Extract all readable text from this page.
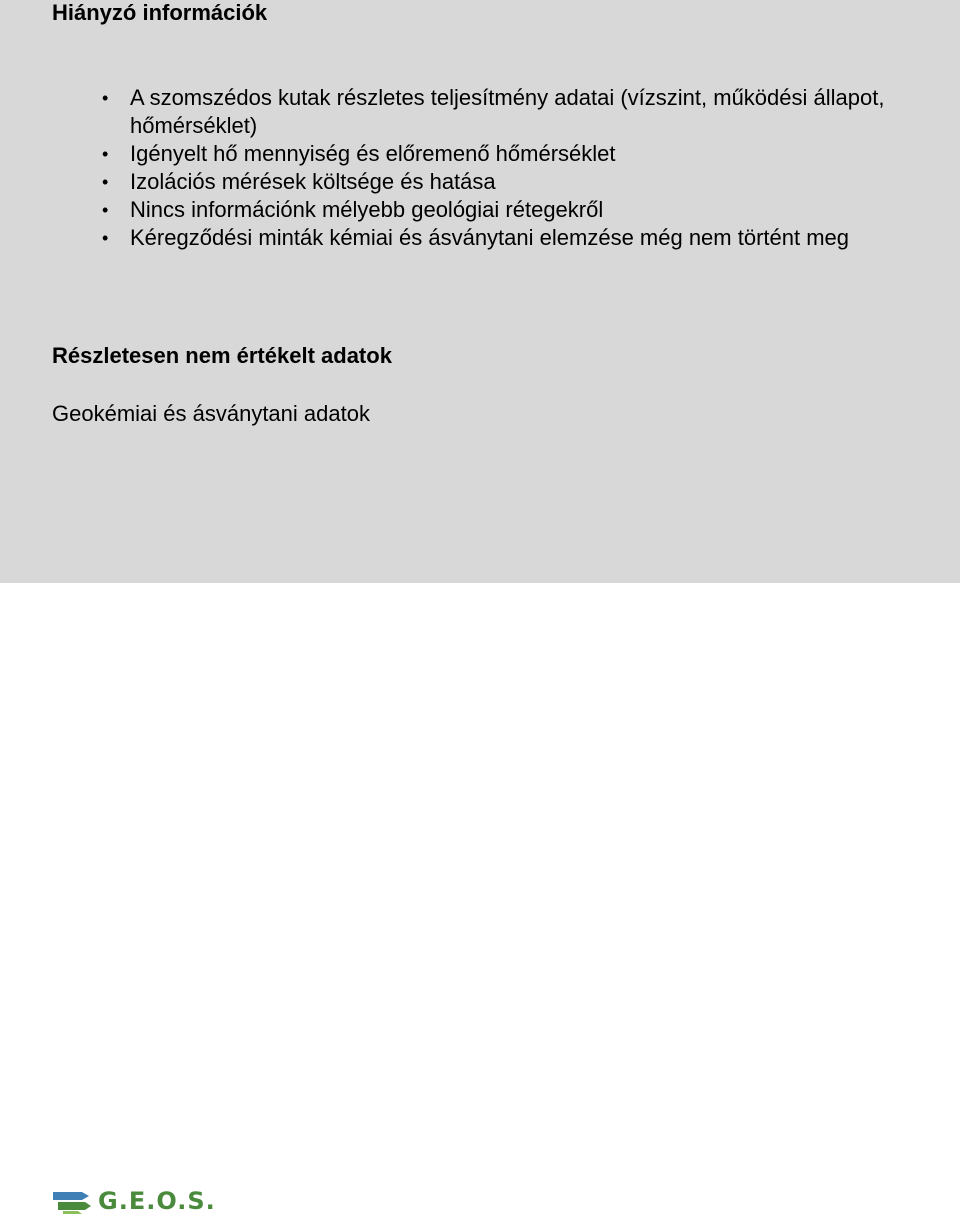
Hiányzó információk
• A szomszédos kutak részletes teljesítmény adatai (vízszint, működési állapot, hőmérséklet)
• Igényelt hő mennyiség és előremenő hőmérséklet
• Izolációs mérések költsége és hatása
• Nincs információnk mélyebb geológiai rétegekről
• Kéregződési minták kémiai és ásványtani elemzése még nem történt meg
Részletesen nem értékelt adatok
Geokémiai és ásványtani adatok
G.E.O.S.
